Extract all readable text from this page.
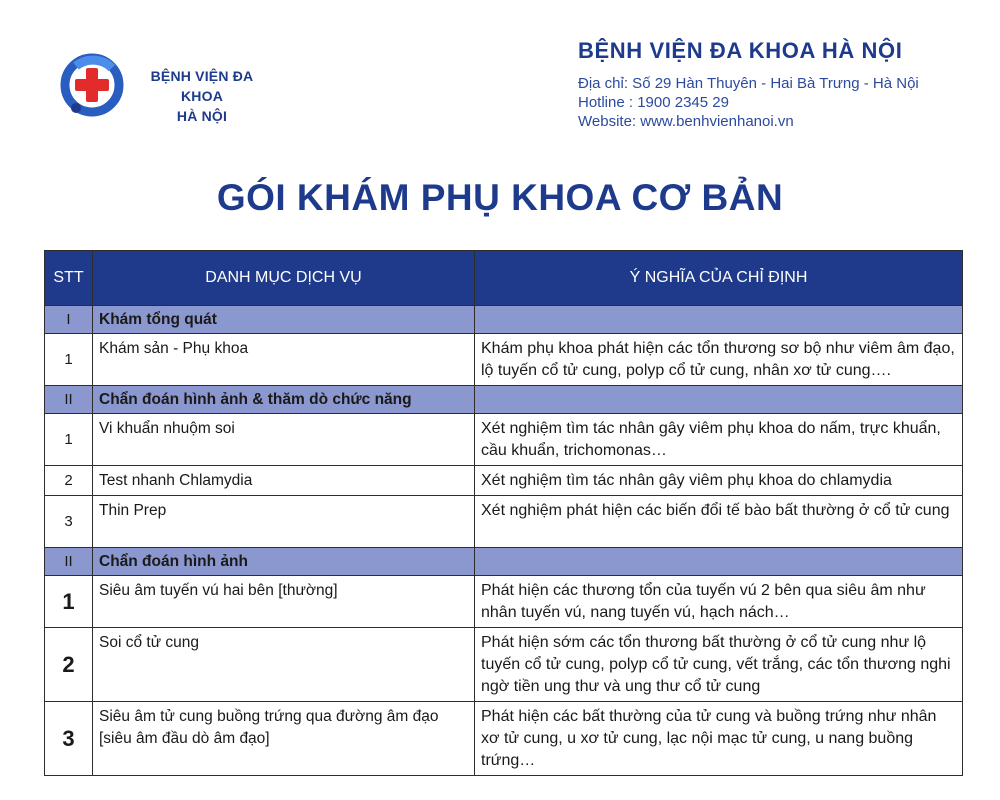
BỆNH VIỆN ĐA KHOA
HÀ NỘI
BỆNH VIỆN ĐA KHOA HÀ NỘI
Địa chỉ: Số 29 Hàn Thuyên - Hai Bà Trưng - Hà Nội
Hotline : 1900 2345 29
Website: www.benhvienhanoi.vn
GÓI KHÁM PHỤ KHOA CƠ BẢN
STT	DANH MỤC DỊCH VỤ	Ý NGHĨA CỦA CHỈ ĐỊNH
I	Khám tổng quát	
1	Khám sản - Phụ khoa	Khám phụ khoa phát hiện các tổn thương sơ bộ như viêm âm đạo, lộ tuyến cổ tử cung, polyp cổ tử cung, nhân xơ tử cung….
II	Chẩn đoán hình ảnh & thăm dò chức năng	
1	Vi khuẩn nhuộm soi	Xét nghiệm tìm tác nhân gây viêm phụ khoa do nấm, trực khuẩn, cầu khuẩn, trichomonas…
2	Test nhanh Chlamydia	Xét nghiệm tìm tác nhân gây viêm phụ khoa do chlamydia
3	Thin Prep	Xét nghiệm phát hiện các biến đổi tế bào bất thường ở cổ tử cung
II	Chẩn đoán hình ảnh	
1	Siêu âm tuyến vú hai bên [thường]	Phát hiện các thương tổn của tuyến vú 2 bên qua siêu âm như nhân tuyến vú, nang tuyến vú, hạch nách…
2	Soi cổ tử cung	Phát hiện sớm các tổn thương bất thường ở cổ tử cung như lộ tuyến cổ tử cung, polyp cổ tử cung, vết trắng, các tổn thương nghi ngờ tiền ung thư và ung thư cổ tử cung
3	Siêu âm tử cung buồng trứng qua đường âm đạo [siêu âm đầu dò âm đạo]	Phát hiện các bất thường của tử cung và buồng trứng như nhân xơ tử cung, u xơ tử cung, lạc nội mạc tử cung, u nang buồng trứng…
